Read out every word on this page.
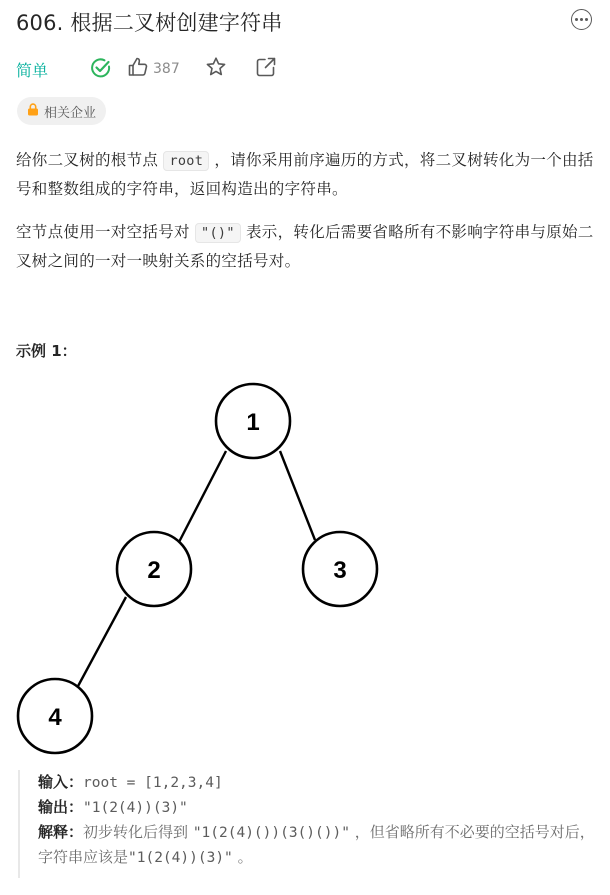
606. 根据二叉树创建字符串
简单	387
相关企业
给你二叉树的根节点 root ，请你采用前序遍历的方式，将二叉树转化为一个由括号和整数组成的字符串，返回构造出的字符串。
空节点使用一对空括号对 "()" 表示，转化后需要省略所有不影响字符串与原始二叉树之间的一对一映射关系的空括号对。
示例 1：
1
2	3
4
输入：root = [1,2,3,4]
输出："1(2(4))(3)"
解释：初步转化后得到 "1(2(4)())(3()())" ，但省略所有不必要的空括号对后，字符串应该是"1(2(4))(3)" 。
